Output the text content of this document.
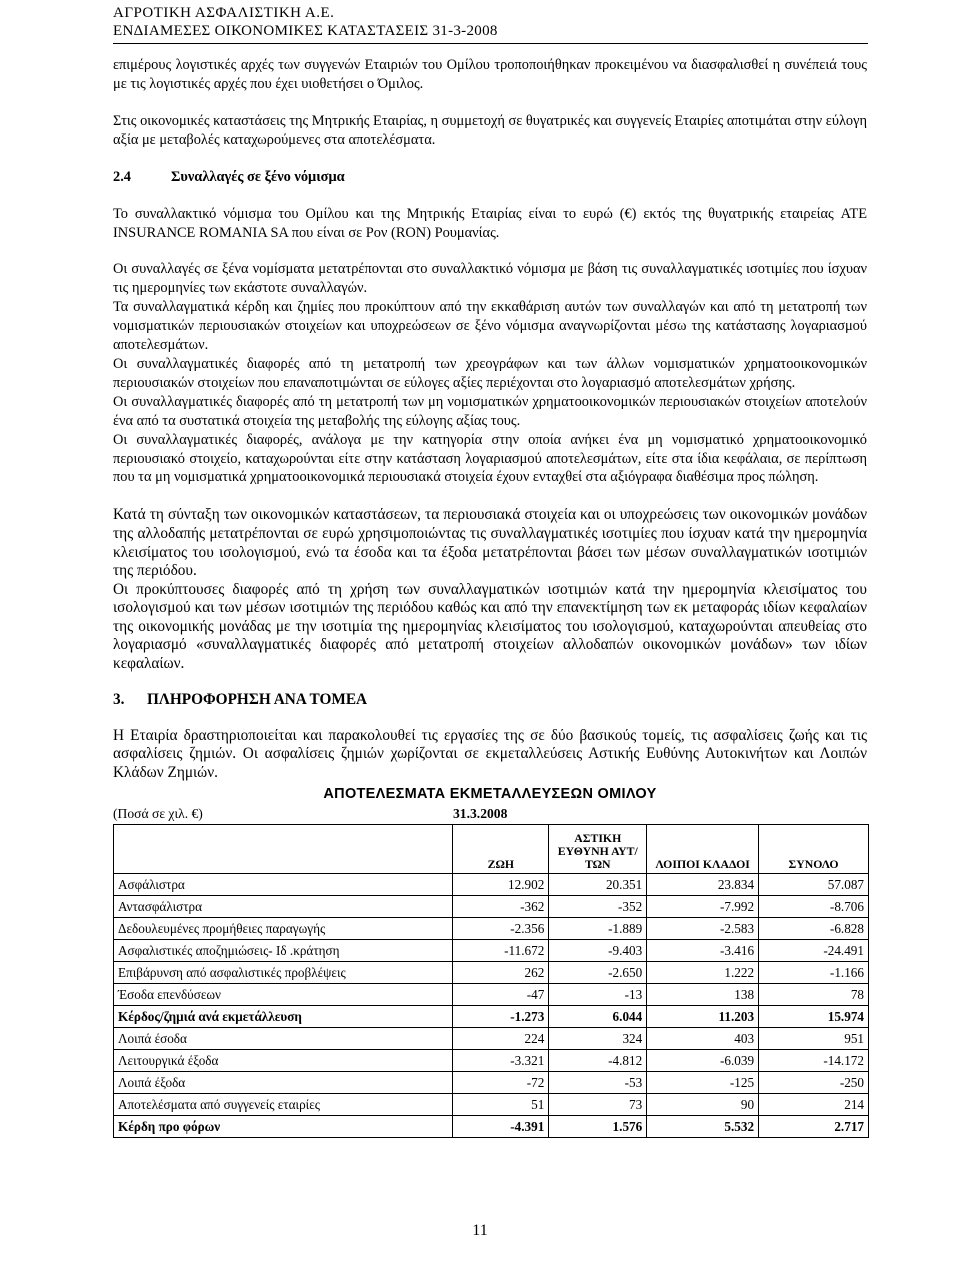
ΑΓΡΟΤΙΚΗ ΑΣΦΑΛΙΣΤΙΚΗ Α.Ε.
ΕΝΔΙΑΜΕΣΕΣ ΟΙΚΟΝΟΜΙΚΕΣ ΚΑΤΑΣΤΑΣΕΙΣ 31-3-2008

επιμέρους λογιστικές αρχές των συγγενών Εταιριών του Ομίλου τροποποιήθηκαν προκειμένου να διασφαλισθεί η συνέπειά τους με τις λογιστικές αρχές που έχει υιοθετήσει ο Όμιλος.

Στις οικονομικές καταστάσεις της Μητρικής Εταιρίας, η συμμετοχή σε θυγατρικές και συγγενείς Εταιρίες αποτιμάται στην εύλογη αξία με μεταβολές καταχωρούμενες στα αποτελέσματα.

2.4	Συναλλαγές σε ξένο νόμισμα

Το συναλλακτικό νόμισμα του Ομίλου και της Μητρικής Εταιρίας είναι το ευρώ (€) εκτός της θυγατρικής εταιρείας ATE INSURANCE ROMANIA SA που είναι σε Ρον (RON) Ρουμανίας.

Οι συναλλαγές σε ξένα νομίσματα μετατρέπονται στο συναλλακτικό νόμισμα με βάση τις συναλλαγματικές ισοτιμίες που ίσχυαν τις ημερομηνίες των εκάστοτε συναλλαγών.

Τα συναλλαγματικά κέρδη και ζημίες που προκύπτουν από την εκκαθάριση αυτών των συναλλαγών και από τη μετατροπή των νομισματικών περιουσιακών στοιχείων και υποχρεώσεων σε ξένο νόμισμα αναγνωρίζονται μέσω της κατάστασης λογαριασμού αποτελεσμάτων.

Οι συναλλαγματικές διαφορές από τη μετατροπή των χρεογράφων και των άλλων νομισματικών χρηματοοικονομικών περιουσιακών στοιχείων που επαναποτιμώνται σε εύλογες αξίες περιέχονται στο λογαριασμό αποτελεσμάτων χρήσης.

Οι συναλλαγματικές διαφορές από τη μετατροπή των μη νομισματικών χρηματοοικονομικών περιουσιακών στοιχείων αποτελούν ένα από τα συστατικά στοιχεία της μεταβολής της εύλογης αξίας τους.

Οι συναλλαγματικές διαφορές, ανάλογα με την κατηγορία στην οποία ανήκει ένα μη νομισματικό χρηματοοικονομικό περιουσιακό στοιχείο, καταχωρούνται είτε στην κατάσταση λογαριασμού αποτελεσμάτων, είτε στα ίδια κεφάλαια, σε περίπτωση που τα μη νομισματικά χρηματοοικονομικά περιουσιακά στοιχεία έχουν ενταχθεί στα αξιόγραφα διαθέσιμα προς πώληση.

Κατά τη σύνταξη των οικονομικών καταστάσεων, τα περιουσιακά στοιχεία και οι υποχρεώσεις των οικονομικών μονάδων της αλλοδαπής μετατρέπονται σε ευρώ χρησιμοποιώντας τις συναλλαγματικές ισοτιμίες που ίσχυαν κατά την ημερομηνία κλεισίματος του ισολογισμού, ενώ τα έσοδα και τα έξοδα μετατρέπονται βάσει των μέσων συναλλαγματικών ισοτιμιών της περιόδου.

Οι προκύπτουσες διαφορές από τη χρήση των συναλλαγματικών ισοτιμιών κατά την ημερομηνία κλεισίματος του ισολογισμού και των μέσων ισοτιμιών της περιόδου καθώς και από την επανεκτίμηση των εκ μεταφοράς ιδίων κεφαλαίων της οικονομικής μονάδας με την ισοτιμία της ημερομηνίας κλεισίματος του ισολογισμού, καταχωρούνται απευθείας στο λογαριασμό «συναλλαγματικές διαφορές από μετατροπή στοιχείων αλλοδαπών οικονομικών μονάδων» των ιδίων κεφαλαίων.

3. ΠΛΗΡΟΦΟΡΗΣΗ ΑΝΑ ΤΟΜΕΑ

Η Εταιρία δραστηριοποιείται και παρακολουθεί τις εργασίες της σε δύο βασικούς τομείς, τις ασφαλίσεις ζωής και τις ασφαλίσεις ζημιών. Οι ασφαλίσεις ζημιών χωρίζονται σε εκμεταλλεύσεις Αστικής Ευθύνης Αυτοκινήτων και Λοιπών Κλάδων Ζημιών.

ΑΠΟΤΕΛΕΣΜΑΤΑ ΕΚΜΕΤΑΛΛΕΥΣΕΩΝ ΟΜΙΛΟΥ
(Ποσά σε χιλ. €)	31.3.2008
	ΖΩΗ	ΑΣΤΙΚΗ ΕΥΘΥΝΗ ΑΥΤ/ΤΩΝ	ΛΟΙΠΟΙ ΚΛΑΔΟΙ	ΣΥΝΟΛΟ
Ασφάλιστρα	12.902	20.351	23.834	57.087
Αντασφάλιστρα	-362	-352	-7.992	-8.706
Δεδουλευμένες προμήθειες παραγωγής	-2.356	-1.889	-2.583	-6.828
Ασφαλιστικές αποζημιώσεις- Ιδ .κράτηση	-11.672	-9.403	-3.416	-24.491
Επιβάρυνση από ασφαλιστικές προβλέψεις	262	-2.650	1.222	-1.166
Έσοδα επενδύσεων	-47	-13	138	78
Κέρδος/ζημιά ανά εκμετάλλευση	-1.273	6.044	11.203	15.974
Λοιπά έσοδα	224	324	403	951
Λειτουργικά έξοδα	-3.321	-4.812	-6.039	-14.172
Λοιπά έξοδα	-72	-53	-125	-250
Αποτελέσματα από συγγενείς εταιρίες	51	73	90	214
Κέρδη προ φόρων	-4.391	1.576	5.532	2.717
11
